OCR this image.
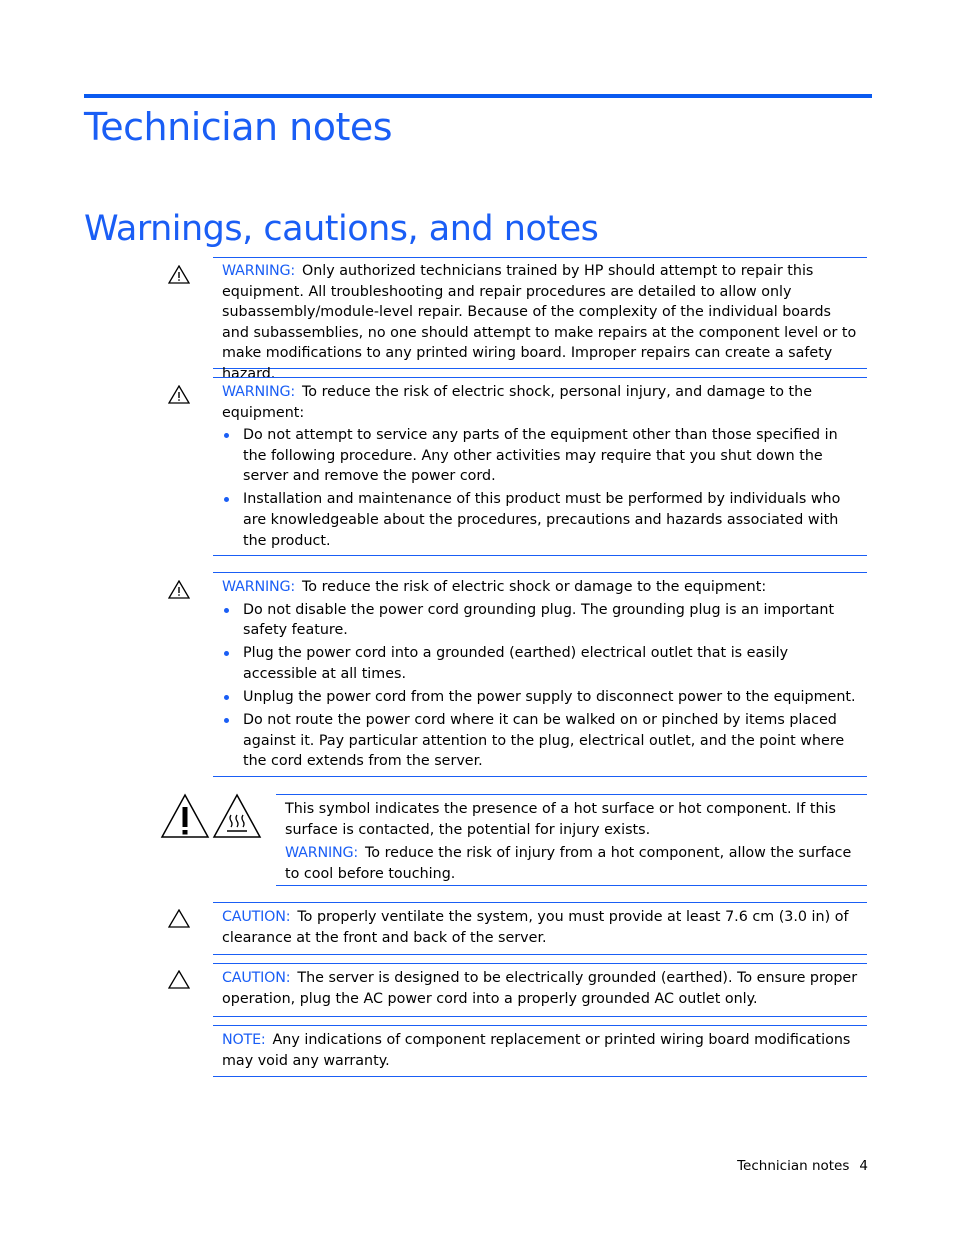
Technician notes
Warnings, cautions, and notes
WARNING: Only authorized technicians trained by HP should attempt to repair this equipment. All troubleshooting and repair procedures are detailed to allow only subassembly/module-level repair. Because of the complexity of the individual boards and subassemblies, no one should attempt to make repairs at the component level or to make modifications to any printed wiring board. Improper repairs can create a safety hazard.
WARNING: To reduce the risk of electric shock, personal injury, and damage to the equipment:
Do not attempt to service any parts of the equipment other than those specified in the following procedure. Any other activities may require that you shut down the server and remove the power cord.
Installation and maintenance of this product must be performed by individuals who are knowledgeable about the procedures, precautions and hazards associated with the product.
WARNING: To reduce the risk of electric shock or damage to the equipment:
Do not disable the power cord grounding plug. The grounding plug is an important safety feature.
Plug the power cord into a grounded (earthed) electrical outlet that is easily accessible at all times.
Unplug the power cord from the power supply to disconnect power to the equipment.
Do not route the power cord where it can be walked on or pinched by items placed against it. Pay particular attention to the plug, electrical outlet, and the point where the cord extends from the server.
This symbol indicates the presence of a hot surface or hot component. If this surface is contacted, the potential for injury exists.
WARNING: To reduce the risk of injury from a hot component, allow the surface to cool before touching.
CAUTION: To properly ventilate the system, you must provide at least 7.6 cm (3.0 in) of clearance at the front and back of the server.
CAUTION: The server is designed to be electrically grounded (earthed). To ensure proper operation, plug the AC power cord into a properly grounded AC outlet only.
NOTE: Any indications of component replacement or printed wiring board modifications may void any warranty.
Technician notes 4
